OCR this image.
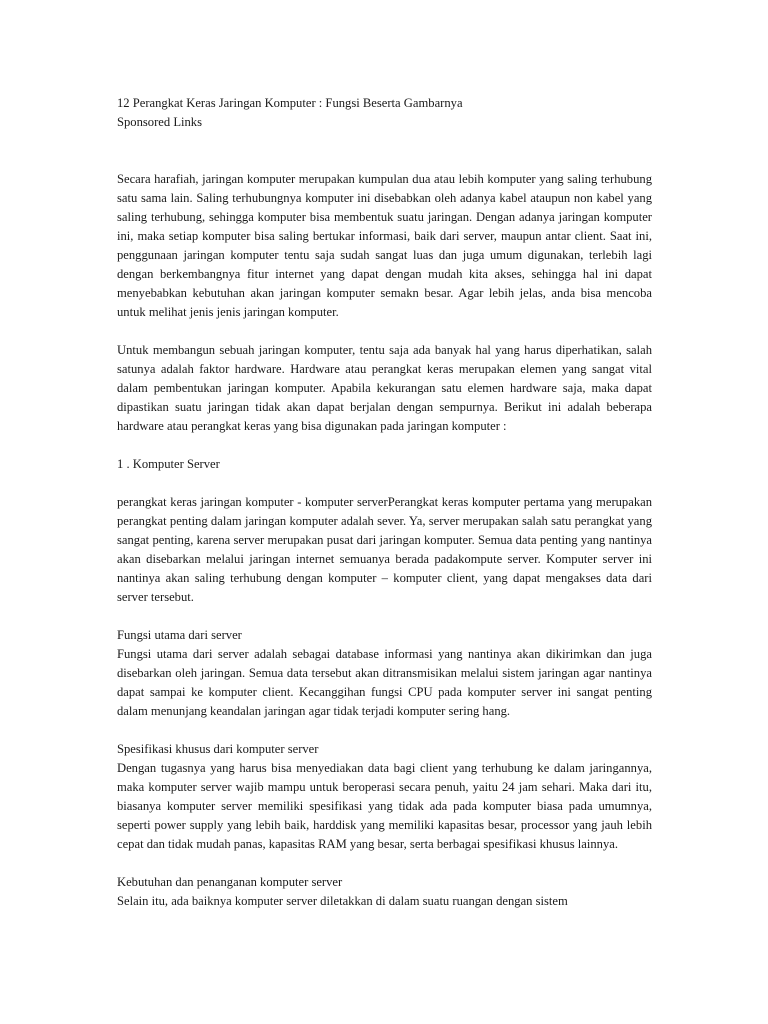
12 Perangkat Keras Jaringan Komputer : Fungsi Beserta Gambarnya

Sponsored Links

Secara harafiah, jaringan komputer merupakan kumpulan dua atau lebih komputer yang saling terhubung satu sama lain. Saling terhubungnya komputer ini disebabkan oleh adanya kabel ataupun non kabel yang saling terhubung, sehingga komputer bisa membentuk suatu jaringan. Dengan adanya jaringan komputer ini, maka setiap komputer bisa saling bertukar informasi, baik dari server, maupun antar client. Saat ini, penggunaan jaringan komputer tentu saja sudah sangat luas dan juga umum digunakan, terlebih lagi dengan berkembangnya fitur internet yang dapat dengan mudah kita akses, sehingga hal ini dapat menyebabkan kebutuhan akan jaringan komputer semakn besar. Agar lebih jelas, anda bisa mencoba untuk melihat jenis jenis jaringan komputer.

Untuk membangun sebuah jaringan komputer, tentu saja ada banyak hal yang harus diperhatikan, salah satunya adalah faktor hardware. Hardware atau perangkat keras merupakan elemen yang sangat vital dalam pembentukan jaringan komputer. Apabila kekurangan satu elemen hardware saja, maka dapat dipastikan suatu jaringan tidak akan dapat berjalan dengan sempurnya. Berikut ini adalah beberapa hardware atau perangkat keras yang bisa digunakan pada jaringan komputer :

1 . Komputer Server

perangkat keras jaringan komputer - komputer serverPerangkat keras komputer pertama yang merupakan perangkat penting dalam jaringan komputer adalah sever. Ya, server merupakan salah satu perangkat yang sangat penting, karena server merupakan pusat dari jaringan komputer. Semua data penting yang nantinya akan disebarkan melalui jaringan internet semuanya berada padakompute server. Komputer server ini nantinya akan saling terhubung dengan komputer – komputer client, yang dapat mengakses data dari server tersebut.

Fungsi utama dari server

Fungsi utama dari server adalah sebagai database informasi yang nantinya akan dikirimkan dan juga disebarkan oleh jaringan. Semua data tersebut akan ditransmisikan melalui sistem jaringan agar nantinya dapat sampai ke komputer client. Kecanggihan fungsi CPU pada komputer server ini sangat penting dalam menunjang keandalan jaringan agar tidak terjadi komputer sering hang.

Spesifikasi khusus dari komputer server

Dengan tugasnya yang harus bisa menyediakan data bagi client yang terhubung ke dalam jaringannya, maka komputer server wajib mampu untuk beroperasi secara penuh, yaitu 24 jam sehari. Maka dari itu, biasanya komputer server memiliki spesifikasi yang tidak ada pada komputer biasa pada umumnya, seperti power supply yang lebih baik, harddisk yang memiliki kapasitas besar, processor yang jauh lebih cepat dan tidak mudah panas, kapasitas RAM yang besar, serta berbagai spesifikasi khusus lainnya.

Kebutuhan dan penanganan komputer server

Selain itu, ada baiknya komputer server diletakkan di dalam suatu ruangan dengan sistem
